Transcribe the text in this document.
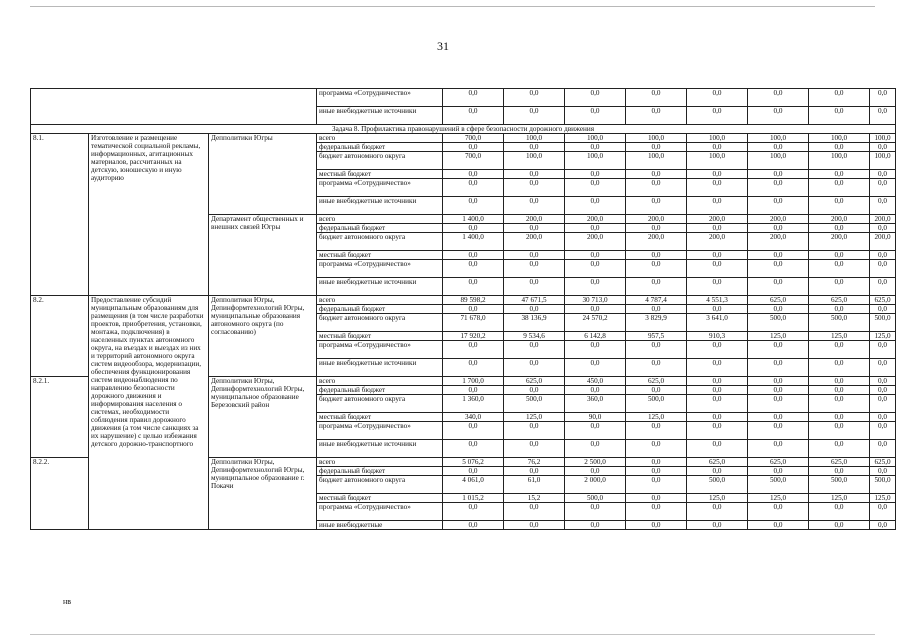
31
			программа «Сотрудничество»	0,0	0,0	0,0	0,0	0,0	0,0	0,0	0,0
			иные внебюджетные источники	0,0	0,0	0,0	0,0	0,0	0,0	0,0	0,0
Задача 8. Профилактика правонарушений в сфере безопасности дорожного движения											
8.1.	Изготовление и размещение тематической социальной рекламы, информационных, агитационных материалов, рассчитанных на детскую, юношескую и иную аудиторию	Депполитики Югры	всего	700,0	100,0	100,0	100,0	100,0	100,0	100,0	100,0
			федеральный бюджет	0,0	0,0	0,0	0,0	0,0	0,0	0,0	0,0
			бюджет автономного округа	700,0	100,0	100,0	100,0	100,0	100,0	100,0	100,0
			местный бюджет	0,0	0,0	0,0	0,0	0,0	0,0	0,0	0,0
			программа «Сотрудничество»	0,0	0,0	0,0	0,0	0,0	0,0	0,0	0,0
			иные внебюджетные источники	0,0	0,0	0,0	0,0	0,0	0,0	0,0	0,0
		Департамент общественных и внешних связей Югры	всего	1 400,0	200,0	200,0	200,0	200,0	200,0	200,0	200,0
			федеральный бюджет	0,0	0,0	0,0	0,0	0,0	0,0	0,0	0,0
			бюджет автономного округа	1 400,0	200,0	200,0	200,0	200,0	200,0	200,0	200,0
			местный бюджет	0,0	0,0	0,0	0,0	0,0	0,0	0,0	0,0
			программа «Сотрудничество»	0,0	0,0	0,0	0,0	0,0	0,0	0,0	0,0
			иные внебюджетные источники	0,0	0,0	0,0	0,0	0,0	0,0	0,0	0,0
8.2.	Предоставление субсидий муниципальным образованиям для размещения (в том числе разработки проектов, приобретения, установки, монтажа, подключения) в населенных пунктах автономного округа, на въездах и выездах из них и территорий автономного округа систем видеообзора, модернизации, обеспечения функционирования систем видеонаблюдения по направлению безопасности дорожного движения и информирования населения о системах, необходимости соблюдения правил дорожного движения (а том числе санкциях за их нарушение) с целью избежания детского дорожно-транспортного	Депполитики Югры, Депинформтехнологий Югры, муниципальные образования автономного округа (по согласованию)	всего	89 598,2	47 671,5	30 713,0	4 787,4	4 551,3	625,0	625,0	625,0
			федеральный бюджет	0,0	0,0	0,0	0,0	0,0	0,0	0,0	0,0
			бюджет автономного округа	71 678,0	38 136,9	24 570,2	3 829,9	3 641,0	500,0	500,0	500,0
			местный бюджет	17 920,2	9 534,6	6 142,8	957,5	910,3	125,0	125,0	125,0
			программа «Сотрудничество»	0,0	0,0	0,0	0,0	0,0	0,0	0,0	0,0
			иные внебюджетные источники	0,0	0,0	0,0	0,0	0,0	0,0	0,0	0,0
8.2.1.		Депполитики Югры, Депинформтехнологий Югры, муниципальное образование Березовский район	всего	1 700,0	625,0	450,0	625,0	0,0	0,0	0,0	0,0
			федеральный бюджет	0,0	0,0	0,0	0,0	0,0	0,0	0,0	0,0
			бюджет автономного округа	1 360,0	500,0	360,0	500,0	0,0	0,0	0,0	0,0
			местный бюджет	340,0	125,0	90,0	125,0	0,0	0,0	0,0	0,0
			программа «Сотрудничество»	0,0	0,0	0,0	0,0	0,0	0,0	0,0	0,0
			иные внебюджетные источники	0,0	0,0	0,0	0,0	0,0	0,0	0,0	0,0
8.2.2.		Депполитики Югры, Депинформтехнологий Югры, муниципальное образование г. Покачи	всего	5 076,2	76,2	2 500,0	0,0	625,0	625,0	625,0	625,0
			федеральный бюджет	0,0	0,0	0,0	0,0	0,0	0,0	0,0	0,0
			бюджет автономного округа	4 061,0	61,0	2 000,0	0,0	500,0	500,0	500,0	500,0
			местный бюджет	1 015,2	15,2	500,0	0,0	125,0	125,0	125,0	125,0
			программа «Сотрудничество»	0,0	0,0	0,0	0,0	0,0	0,0	0,0	0,0
			иные внебюджетные	0,0	0,0	0,0	0,0	0,0	0,0	0,0	0,0
нв
